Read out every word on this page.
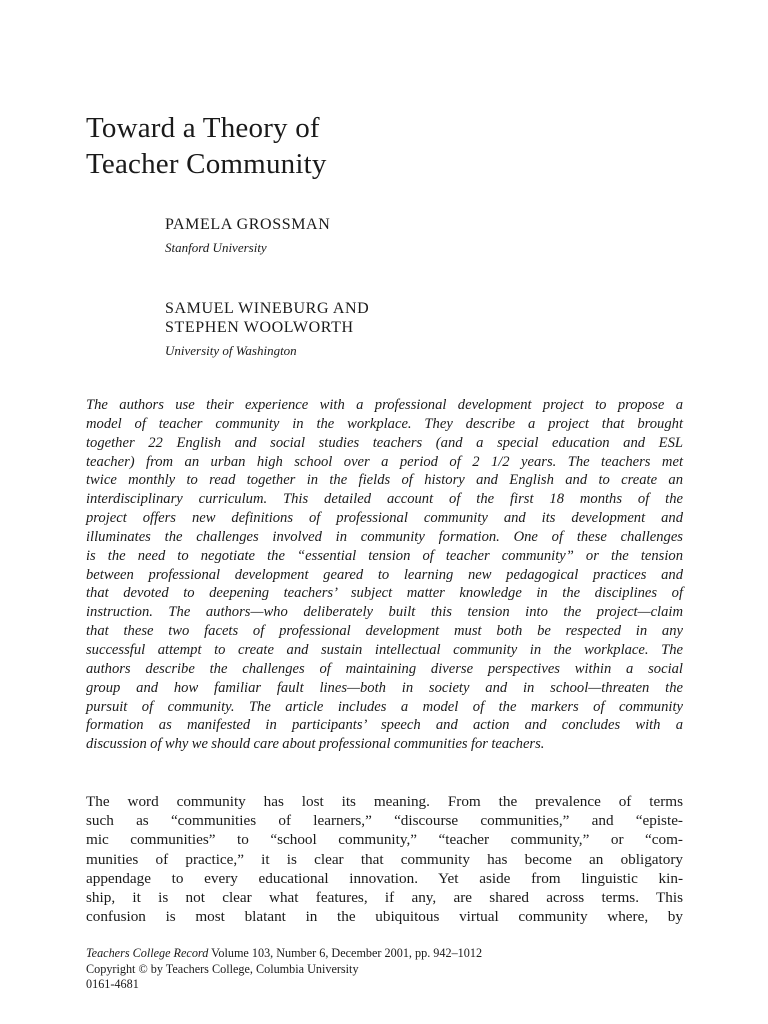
Toward a Theory of
Teacher Community
PAMELA GROSSMAN
Stanford University
SAMUEL WINEBURG AND
STEPHEN WOOLWORTH
University of Washington

The authors use their experience with a professional development project to propose a
model of teacher community in the workplace. They describe a project that brought
together 22 English and social studies teachers (and a special education and ESL
teacher) from an urban high school over a period of 2 1/2 years. The teachers met
twice monthly to read together in the fields of history and English and to create an
interdisciplinary curriculum. This detailed account of the first 18 months of the
project offers new definitions of professional community and its development and
illuminates the challenges involved in community formation. One of these challenges
is the need to negotiate the “essential tension of teacher community” or the tension
between professional development geared to learning new pedagogical practices and
that devoted to deepening teachers’ subject matter knowledge in the disciplines of
instruction. The authors—who deliberately built this tension into the project—claim
that these two facets of professional development must both be respected in any
successful attempt to create and sustain intellectual community in the workplace. The
authors describe the challenges of maintaining diverse perspectives within a social
group and how familiar fault lines—both in society and in school—threaten the
pursuit of community. The article includes a model of the markers of community
formation as manifested in participants’ speech and action and concludes with a
discussion of why we should care about professional communities for teachers.

The word community has lost its meaning. From the prevalence of terms
such as “communities of learners,” “discourse communities,” and “episte-
mic communities” to “school community,” “teacher community,” or “com-
munities of practice,” it is clear that community has become an obligatory
appendage to every educational innovation. Yet aside from linguistic kin-
ship, it is not clear what features, if any, are shared across terms. This
confusion is most blatant in the ubiquitous virtual community where, by

Teachers College Record Volume 103, Number 6, December 2001, pp. 942–1012
Copyright © by Teachers College, Columbia University
0161-4681
